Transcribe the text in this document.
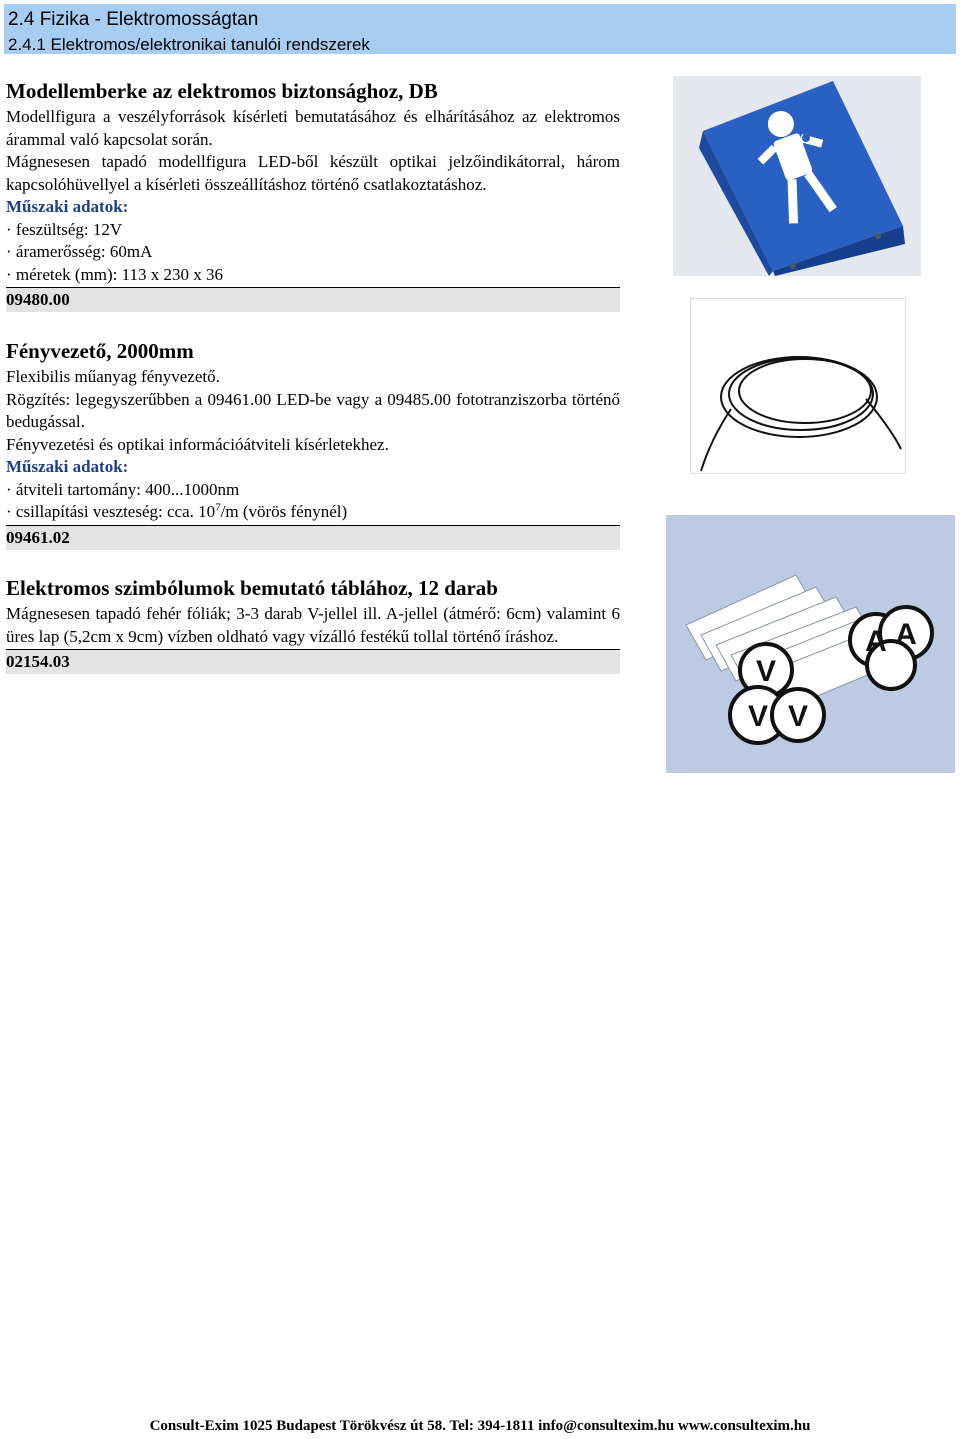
2.4 Fizika - Elektromosságtan
2.4.1 Elektromos/elektronikai tanulói rendszerek
Modellemberke az elektromos biztonsághoz, DB

Modellfigura a veszélyforrások kísérleti bemutatásához és elhárításához az elektromos árammal való kapcsolat során.

Mágnesesen tapadó modellfigura LED-ből készült optikai jelzőindikátorral, három kapcsolóhüvellyel a kísérleti összeállításhoz történő csatlakoztatáshoz.

Műszaki adatok:

· feszültség: 12V

· áramerősség: 60mA

· méretek (mm): 113 x 230 x 36

09480.00
Fényvezető, 2000mm

Flexibilis műanyag fényvezető.

Rögzítés: legegyszerűbben a 09461.00 LED-be vagy a 09485.00 fototranziszorba történő bedugással.

Fényvezetési és optikai információátviteli kísérletekhez.

Műszaki adatok:

· átviteli tartomány: 400...1000nm

· csillapítási veszteség: cca. $10^7/m$ (vörös fénynél)

09461.02
Elektromos szimbólumok bemutató táblához, 12 darab

Mágnesesen tapadó fehér fóliák; 3-3 darab V-jellel ill. A-jellel (átmérő: 6cm) valamint 6 üres lap (5,2cm x 9cm) vízben oldható vagy vízálló festékű tollal történő íráshoz.

02154.03
A A
V
V V
Consult-Exim 1025 Budapest Törökvész út 58. Tel: 394-1811 info@consultexim.hu www.consultexim.hu
